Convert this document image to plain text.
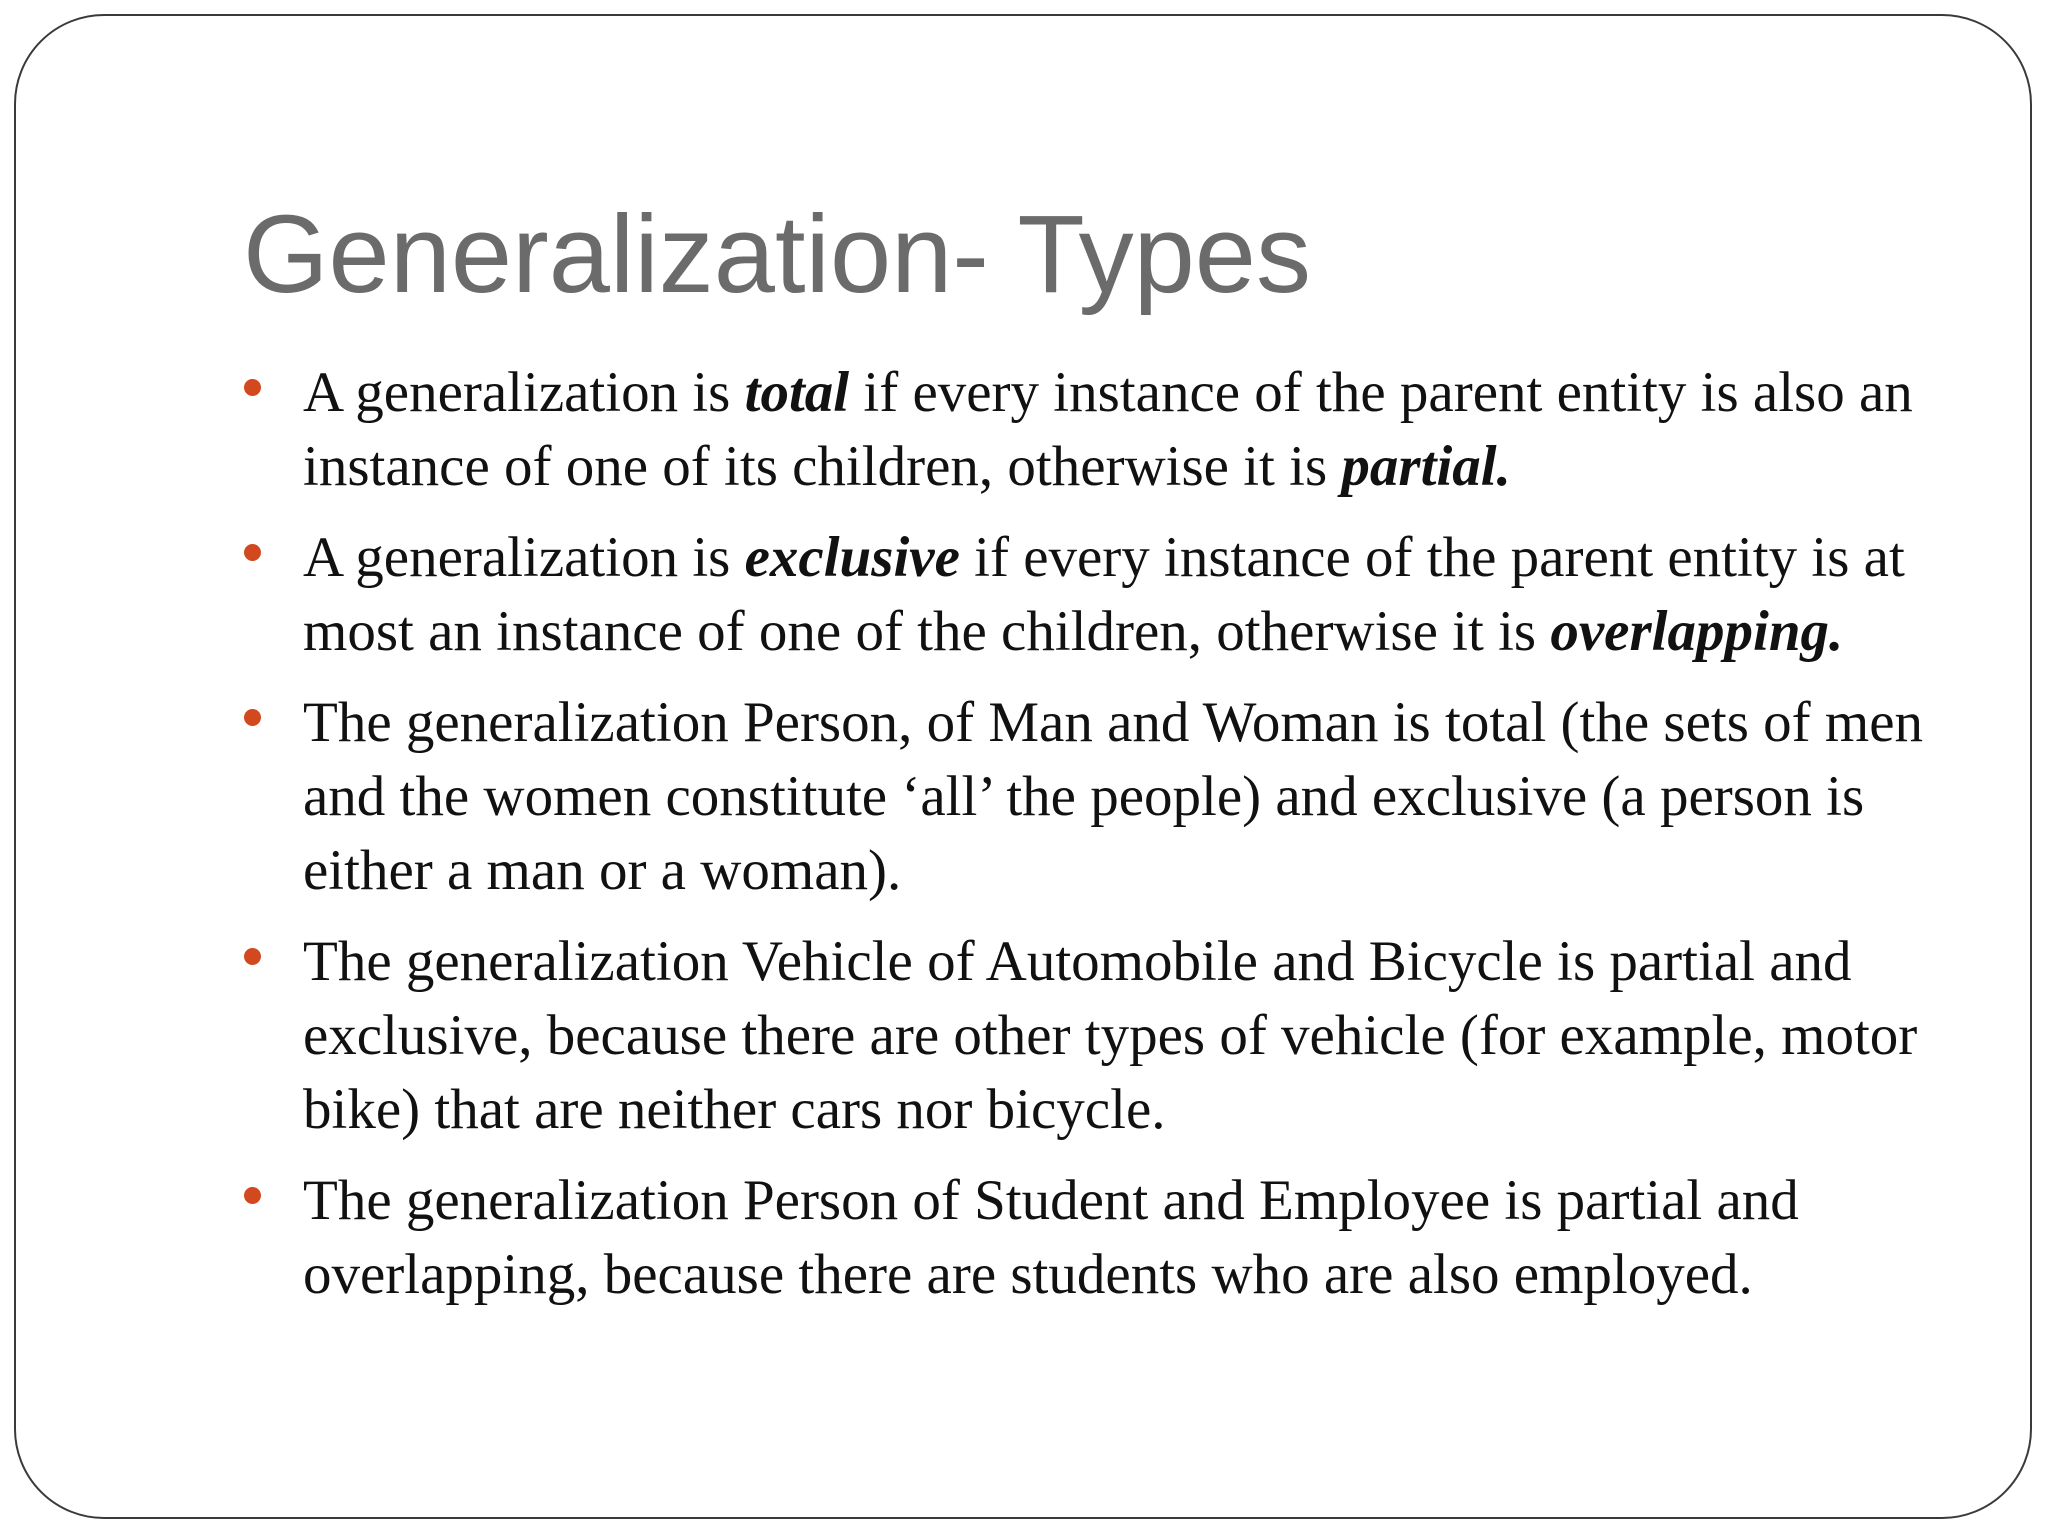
Generalization- Types
A generalization is total if every instance of the parent entity is also an instance of one of its children, otherwise it is partial.
A generalization is exclusive if every instance of the parent entity is at most an instance of one of the children, otherwise it is overlapping.
The generalization Person, of Man and Woman is total (the sets of men and the women constitute ‘all’ the people) and exclusive (a person is either a man or a woman).
The generalization Vehicle of Automobile and Bicycle is partial and exclusive, because there are other types of vehicle (for example, motor bike) that are neither cars nor bicycle.
The generalization Person of Student and Employee is partial and overlapping, because there are students who are also employed.
